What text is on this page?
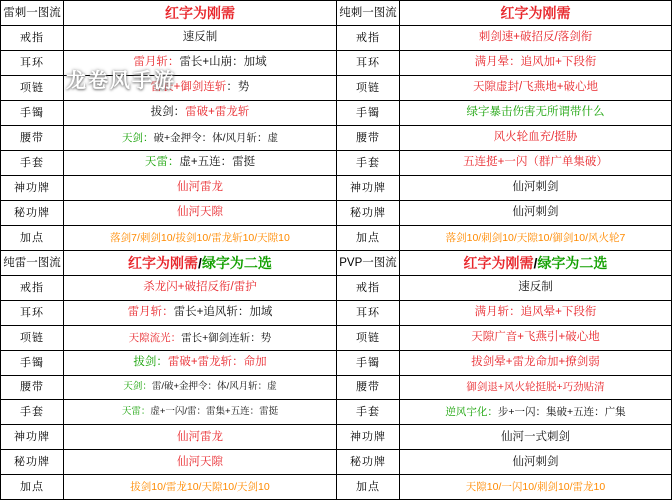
雷刺一图流	红字为刚需
戒指	速反制
耳环	雷月斩： 雷长+山崩：加域
项链	雷长+御剑连斩 ：势
手镯	拔剑： 雷破+雷龙斩
腰带	天剑： 破+金押令：体/风月斩：虚
手套	天雷： 虚+五连：雷挺
神功牌	仙河雷龙
秘功牌	仙河天隙
加点	落剑7/刺剑10/拔剑10/雷龙斩10/天隙10
纯刺一图流	红字为刚需
戒指	刺剑速+破招反/落剑衔
耳环	满月晕：追风加+下段衔
项链	天隙虚封/飞燕地+破心地
手镯	绿字暴击伤害无所谓带什么
腰带	风火轮血充/挺胁
手套	五连挺+一闪（群广单集破）
神功牌	仙河刺剑
秘功牌	仙河刺剑
加点	落剑10/刺剑10/天隙10/御剑10/风火轮7
纯雷一图流	红字为刚需 / 绿字为二选
戒指	杀龙闪+破招反衔/雷护
耳环	雷月斩： 雷长+追风斩：加域
项链	天隙流光： 雷长+御剑连斩：势
手镯	拔剑： 雷破+雷龙斩：命加
腰带	天剑： 雷/破+金押令：体/风月斩：虚
手套	天雷： 虚+一闪/雷：雷集+五连：雷挺
神功牌	仙河雷龙
秘功牌	仙河天隙
加点	拔剑10/雷龙10/天隙10/天剑10
PVP一图流	红字为刚需 / 绿字为二选
戒指	速反制
耳环	满月斩：追风晕+下段衔
项链	天隙广音+飞燕引+破心地
手镯	拔剑晕+雷龙命加+撩剑弱
腰带	御剑退+风火轮挺脱+巧劲贴清
手套	逆风宇化： 步+一闪：集破+五连：广集
神功牌	仙河一式刺剑
秘功牌	仙河刺剑
加点	天隙10/一闪10/刺剑10/雷龙10
龙卷风手游
